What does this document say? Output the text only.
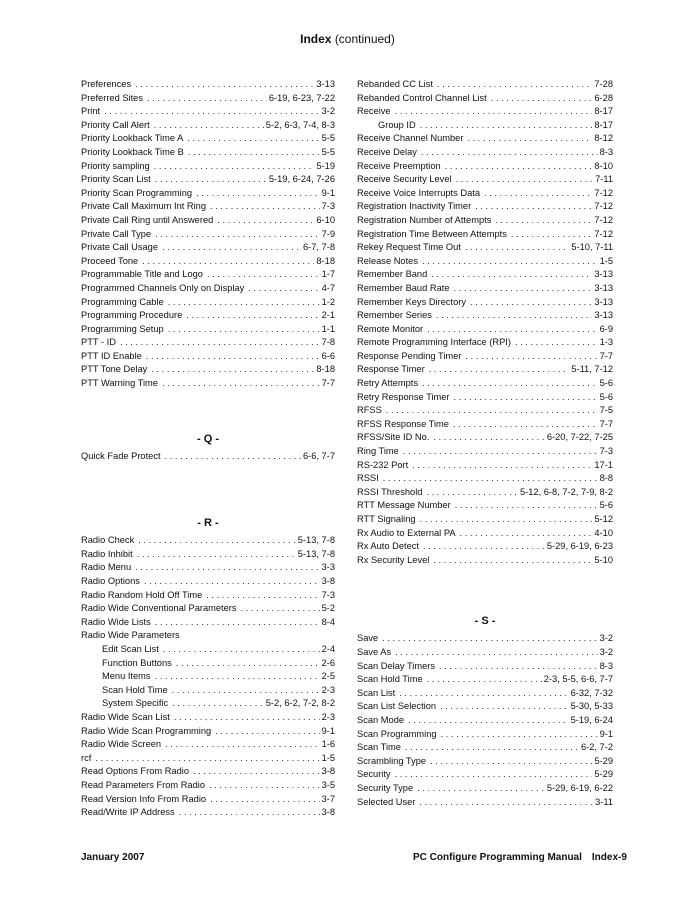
Index (continued)
Preferences . . .	3-13
Preferred Sites . . .	6-19, 6-23, 7-22
Print . . .	3-2
Priority Call Alert . . .	5-2, 6-3, 7-4, 8-3
Priority Lookback Time A . . .	5-5
Priority Lookback Time B . . .	5-5
Priority sampling . . .	5-19
Priority Scan List . . .	5-19, 6-24, 7-26
Priority Scan Programming . . .	9-1
Private Call Maximum Int Ring . . .	7-3
Private Call Ring until Answered . . .	6-10
Private Call Type . . .	7-9
Private Call Usage . . .	6-7, 7-8
Proceed Tone . . .	8-18
Programmable Title and Logo . . .	1-7
Programmed Channels Only on Display . . .	4-7
Programming Cable . . .	1-2
Programming Procedure . . .	2-1
Programming Setup . . .	1-1
PTT - ID . . .	7-8
PTT ID Enable . . .	6-6
PTT Tone Delay . . .	8-18
PTT Warning Time . . .	7-7
- Q -
Quick Fade Protect . . .	6-6, 7-7
- R -
Radio Check . . .	5-13, 7-8
Radio Inhibit . . .	5-13, 7-8
Radio Menu . . .	3-3
Radio Options . . .	3-8
Radio Random Hold Off Time . . .	7-3
Radio Wide Conventional Parameters . . .	5-2
Radio Wide Lists . . .	8-4
Radio Wide Parameters
Edit Scan List . . .	2-4
Function Buttons . . .	2-6
Menu Items . . .	2-5
Scan Hold Time . . .	2-3
System Specific . . .	5-2, 6-2, 7-2, 8-2
Radio Wide Scan List . . .	2-3
Radio Wide Scan Programming . . .	9-1
Radio Wide Screen . . .	1-6
rcf . . .	1-5
Read Options From Radio . . .	3-8
Read Parameters From Radio . . .	3-5
Read Version Info From Radio . . .	3-7
Read/Write IP Address . . .	3-8
Rebanded CC List . . .	7-28
Rebanded Control Channel List . . .	6-28
Receive . . .	8-17
Group ID . . .	8-17
Receive Channel Number . . .	8-12
Receive Delay . . .	8-3
Receive Preemption . . .	8-10
Receive Security Level . . .	7-11
Receive Voice Interrupts Data . . .	7-12
Registration Inactivity Timer . . .	7-12
Registration Number of Attempts . . .	7-12
Registration Time Between Attempts . . .	7-12
Rekey Request Time Out . . .	5-10, 7-11
Release Notes . . .	1-5
Remember Band . . .	3-13
Remember Baud Rate . . .	3-13
Remember Keys Directory . . .	3-13
Remember Series . . .	3-13
Remote Monitor . . .	6-9
Remote Programming Interface (RPI) . . .	1-3
Response Pending Timer . . .	7-7
Response Timer . . .	5-11, 7-12
Retry Attempts . . .	5-6
Retry Response Timer . . .	5-6
RFSS . . .	7-5
RFSS Response Time . . .	7-7
RFSS/Site ID No. . . .	6-20, 7-22, 7-25
Ring Time . . .	7-3
RS-232 Port . . .	17-1
RSSI . . .	8-8
RSSI Threshold . . .	5-12, 6-8, 7-2, 7-9, 8-2
RTT Message Number . . .	5-6
RTT Signaling . . .	5-12
Rx Audio to External PA . . .	4-10
Rx Auto Detect . . .	5-29, 6-19, 6-23
Rx Security Level . . .	5-10
- S -
Save . . .	3-2
Save As . . .	3-2
Scan Delay Timers . . .	8-3
Scan Hold Time . . .	2-3, 5-5, 6-6, 7-7
Scan List . . .	6-32, 7-32
Scan List Selection . . .	5-30, 5-33
Scan Mode . . .	5-19, 6-24
Scan Programming . . .	9-1
Scan Time . . .	6-2, 7-2
Scrambling Type . . .	5-29
Security . . .	5-29
Security Type . . .	5-29, 6-19, 6-22
Selected User . . .	3-11
January 2007	PC Configure Programming Manual Index-9
